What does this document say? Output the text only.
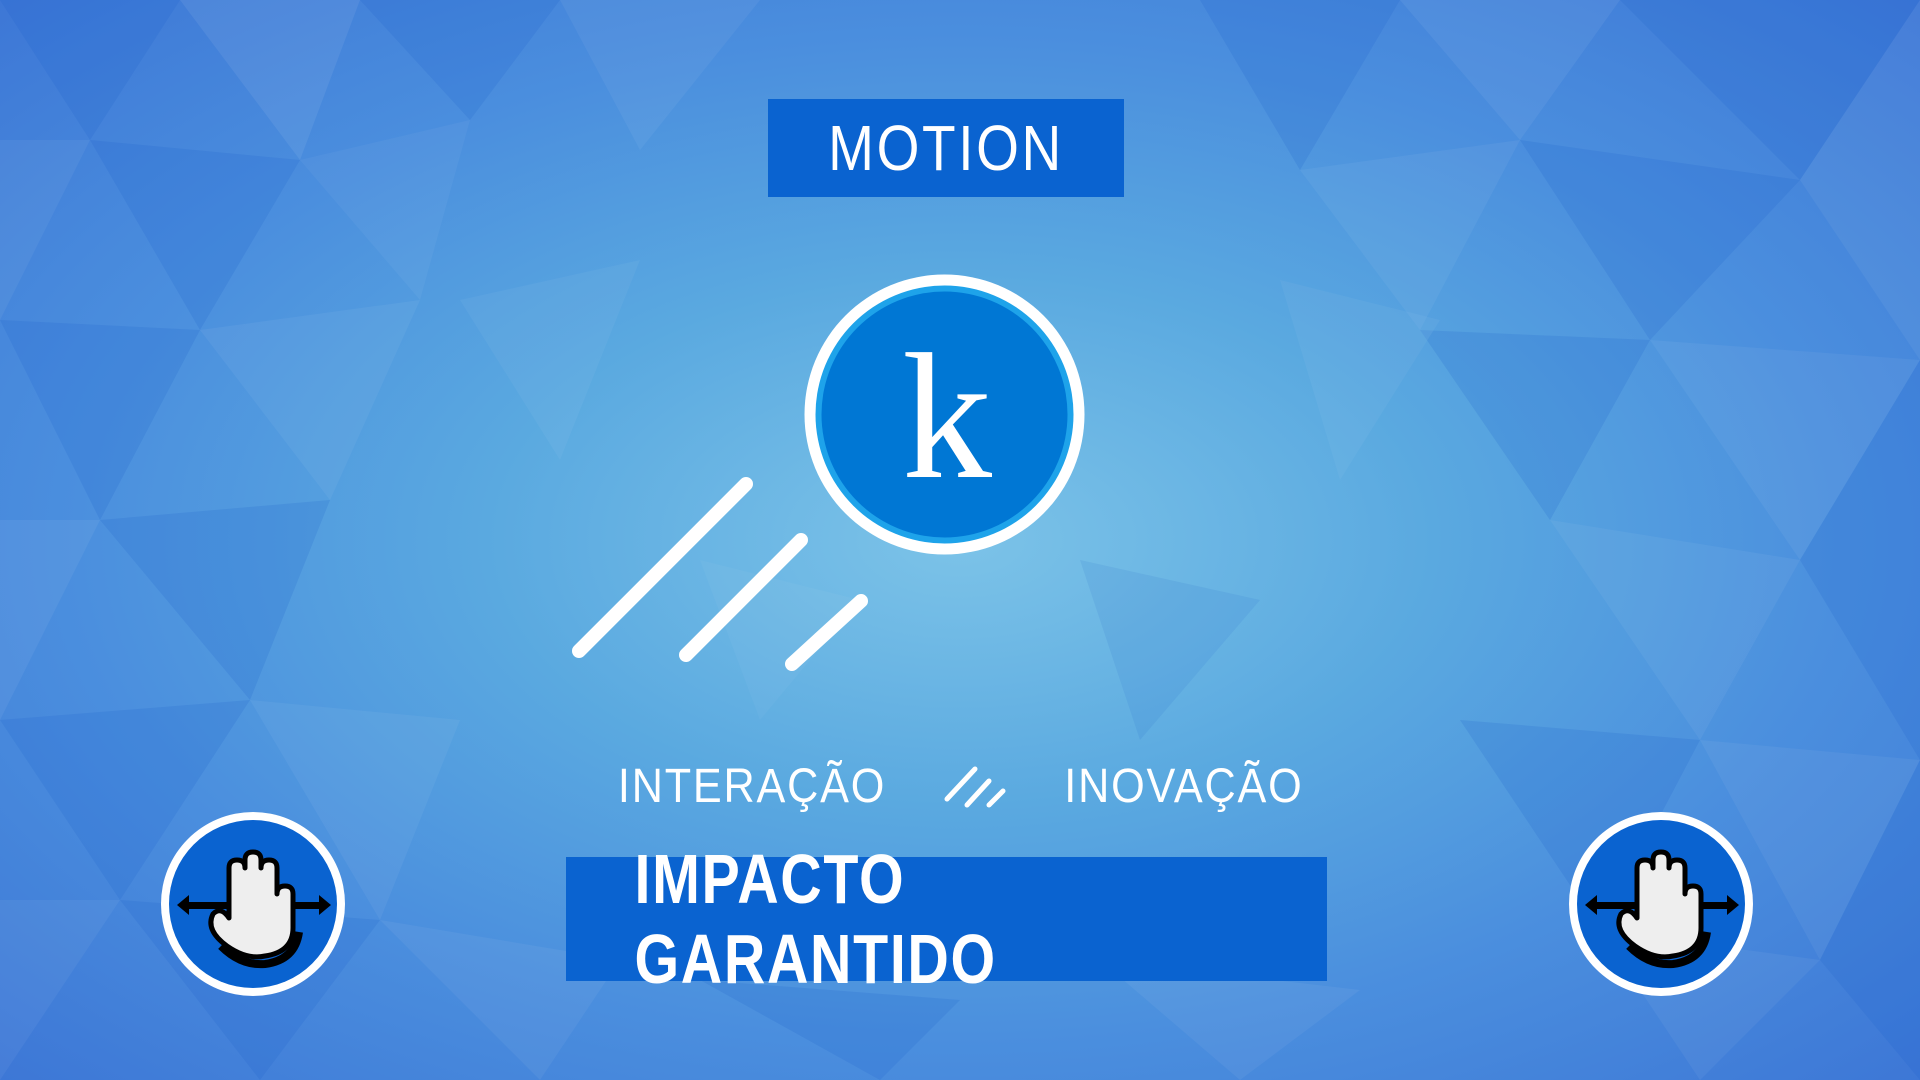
MOTION
k
INTERAÇÃO	INOVAÇÃO
IMPACTO GARANTIDO
